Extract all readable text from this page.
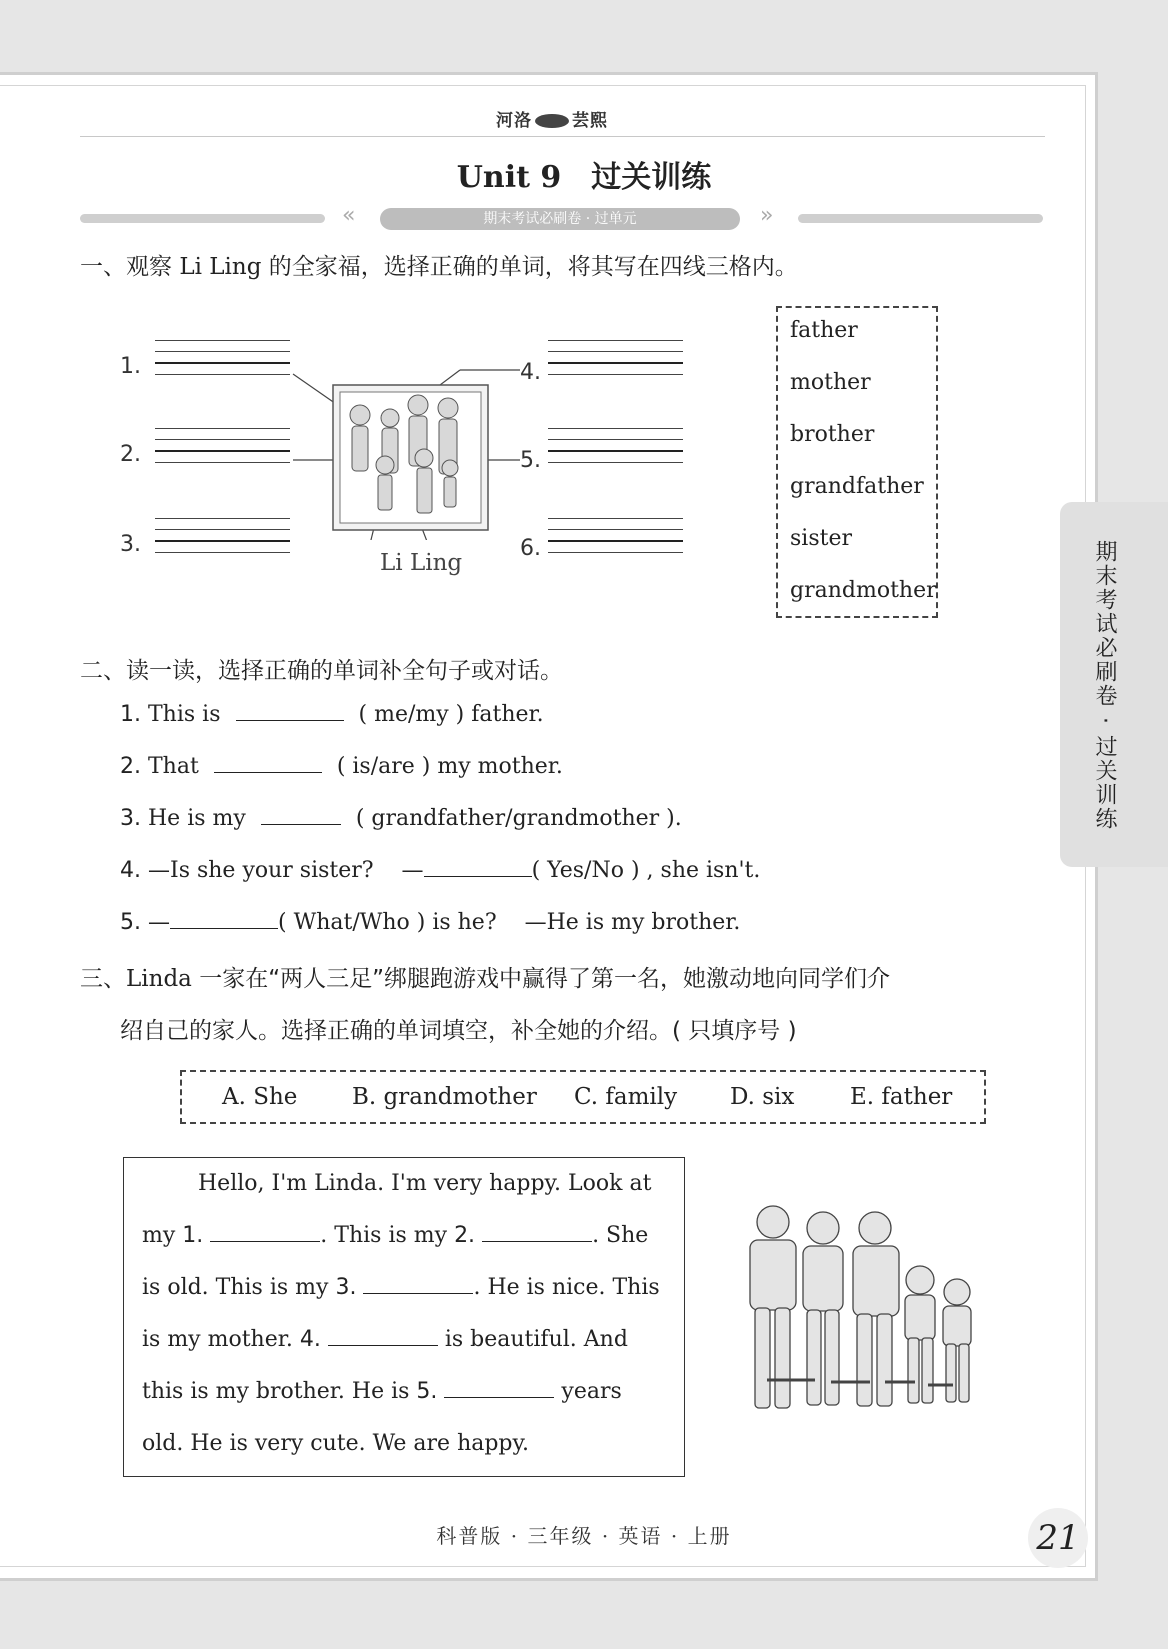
期末考试必刷卷 · 过关训练
河洛 芸熙
Unit 9 过关训练
«	期末考试必刷卷 · 过单元	»
一、观察 Li Ling 的全家福，选择正确的单词，将其写在四线三格内。
1.
2.
3.
4.
5.
6.
Li Ling
father
mother
brother
grandfather
sister
grandmother
二、读一读，选择正确的单词补全句子或对话。
1. This is	( me/my ) father.
2. That	( is/are ) my mother.
3. He is my	( grandfather/grandmother ).
4. —Is she your sister?    —	( Yes/No ) , she isn't.
5. —	( What/Who ) is he?    —He is my brother.
三、Linda 一家在“两人三足”绑腿跑游戏中赢得了第一名，她激动地向同学们介
绍自己的家人。选择正确的单词填空，补全她的介绍。( 只填序号 )
A. She B. grandmother C. family D. six E. father
Hello, I'm Linda. I'm very happy. Look at
my 1.	. This is my 2.	. She
is old. This is my 3.	. He is nice. This
is my mother. 4.	is beautiful. And
this is my brother. He is 5.	years
old. He is very cute. We are happy.
科普版 · 三年级 · 英语 · 上册	21
